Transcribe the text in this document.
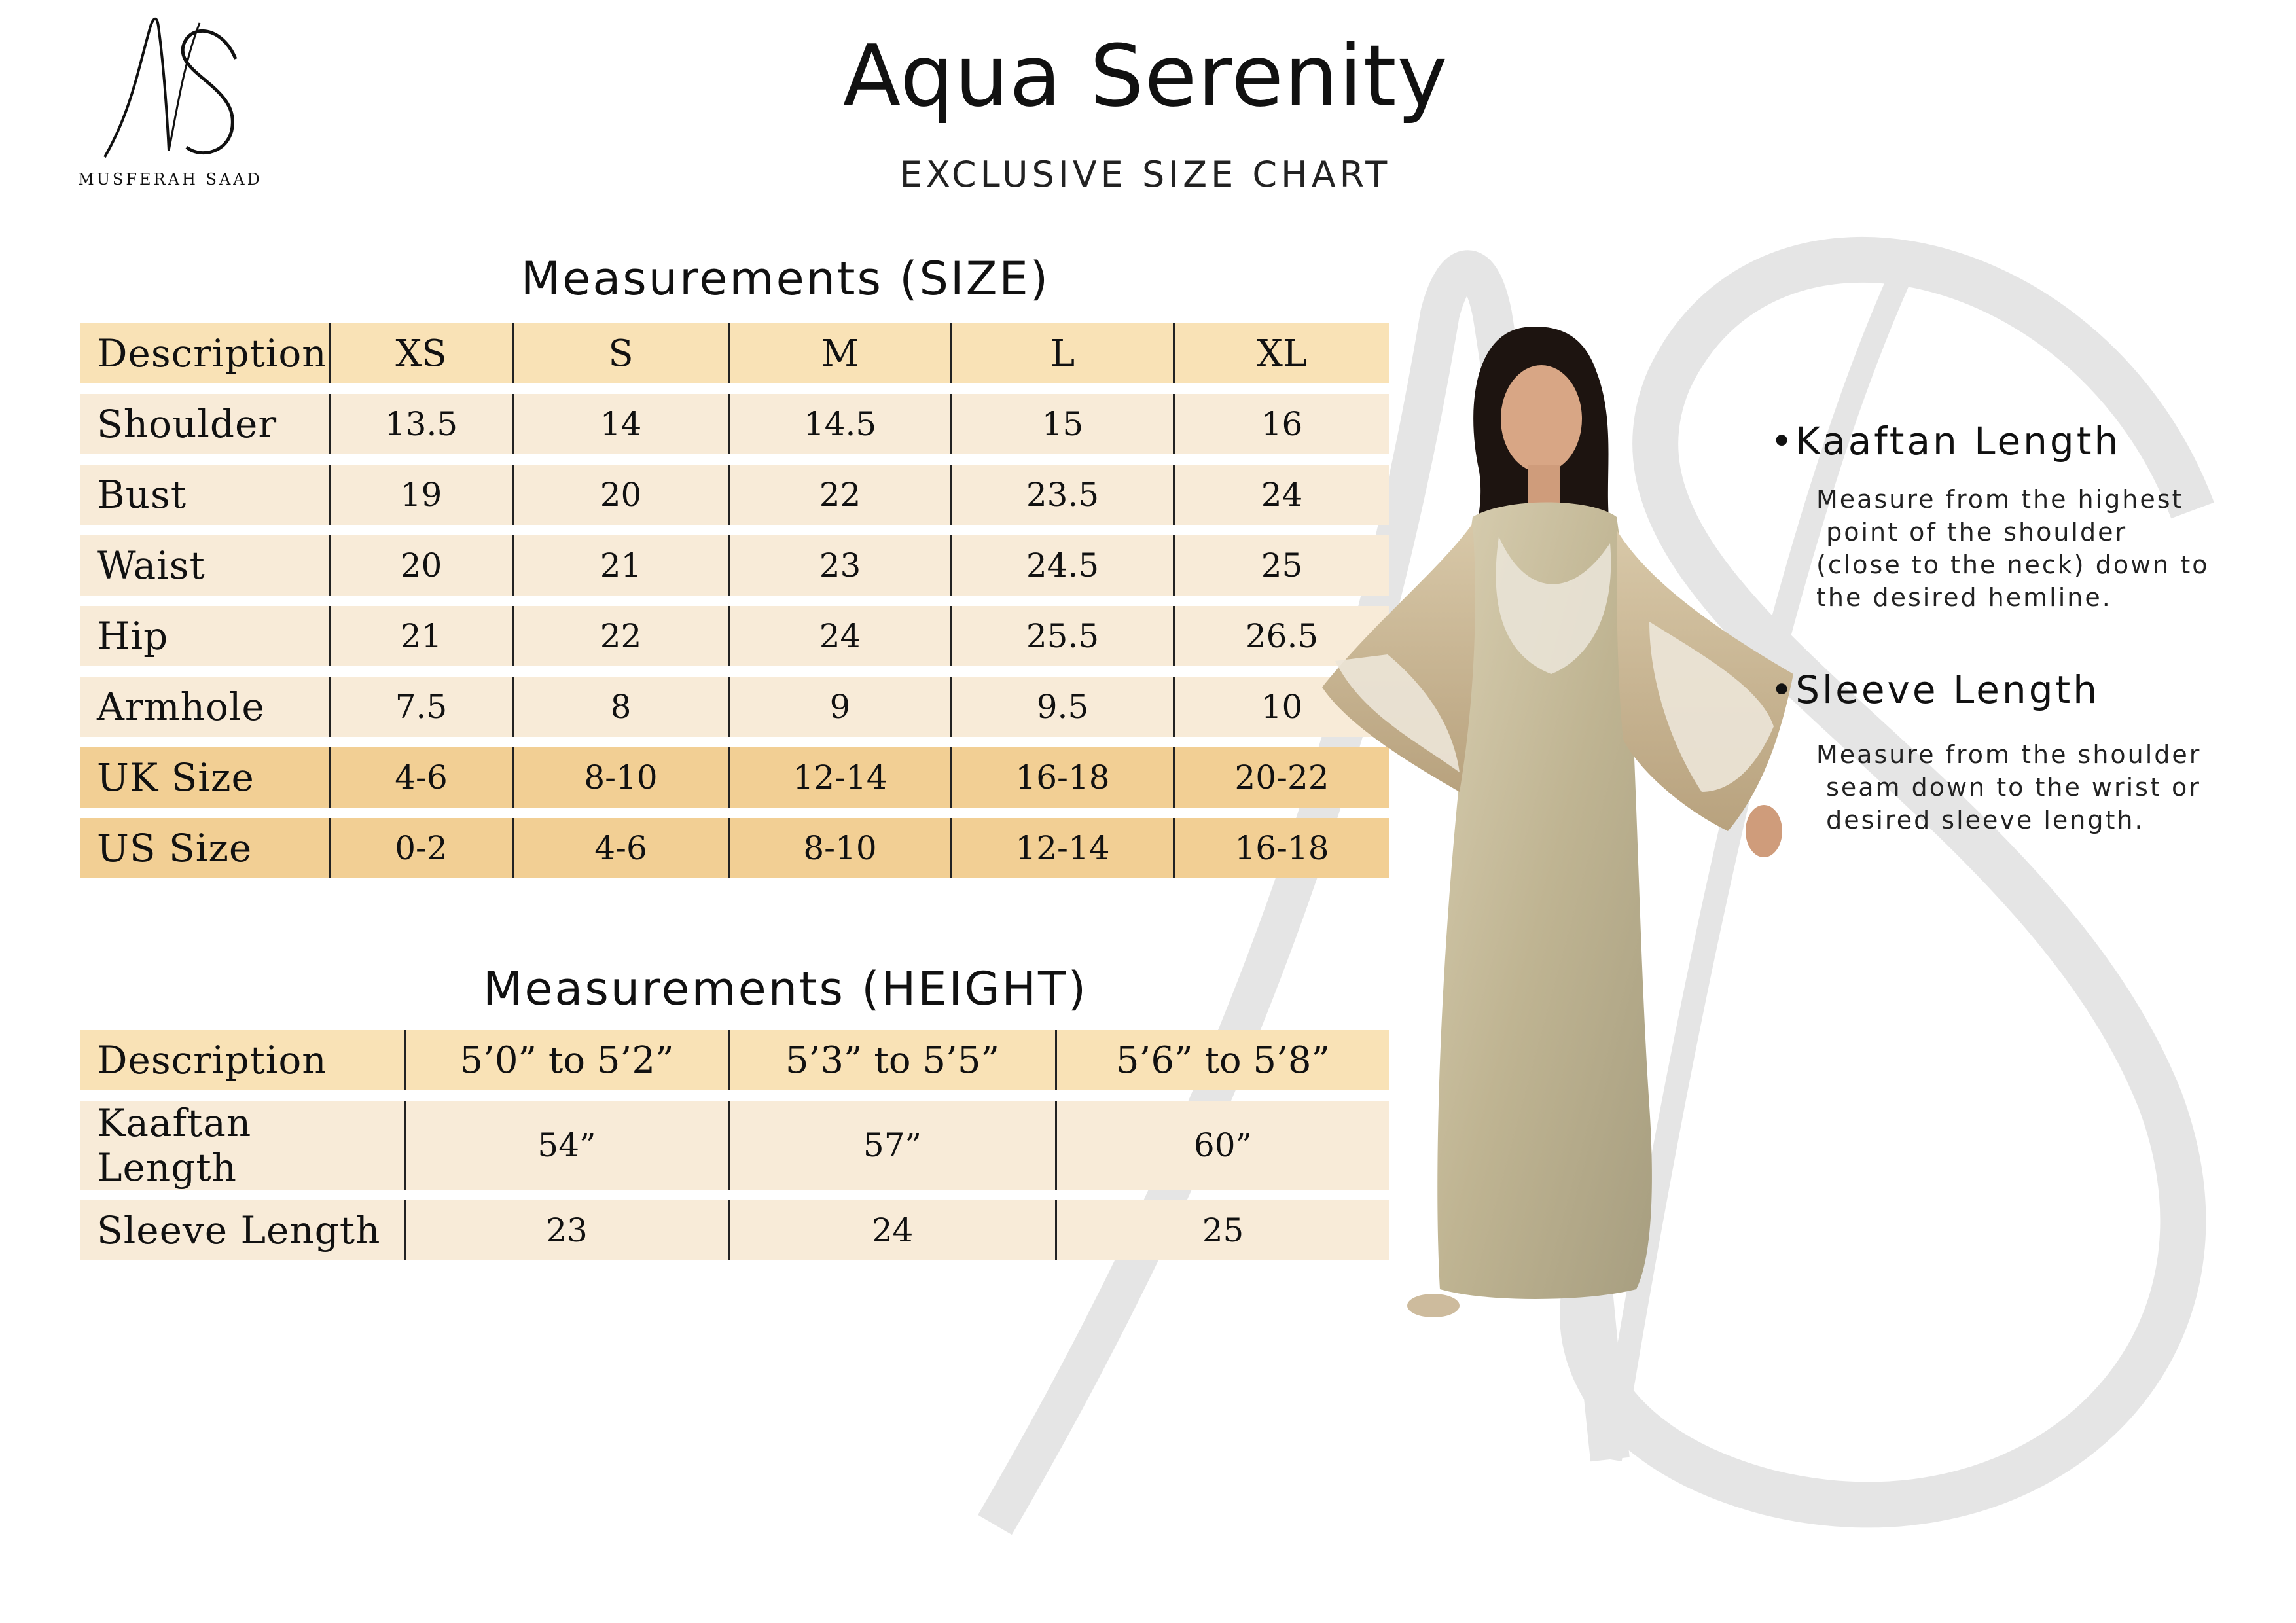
MUSFERAH SAAD
Aqua Serenity
EXCLUSIVE SIZE CHART
Measurements (SIZE)
Description	XS	S	M	L	XL
Shoulder	13.5	14	14.5	15	16
Bust	19	20	22	23.5	24
Waist	20	21	23	24.5	25
Hip	21	22	24	25.5	26.5
Armhole	7.5	8	9	9.5	10
UK Size	4-6	8-10	12-14	16-18	20-22
US Size	0-2	4-6	8-10	12-14	16-18
Measurements (HEIGHT)
Description	5’0” to 5’2”	5’3” to 5’5”	5’6” to 5’8”
Kaaftan Length	54”	57”	60”
Sleeve Length	23	24	25
•Kaaftan Length
Measure from the highest
point of the shoulder
(close to the neck) down to
the desired hemline.
•Sleeve Length
Measure from the shoulder
seam down to the wrist or
desired sleeve length.
